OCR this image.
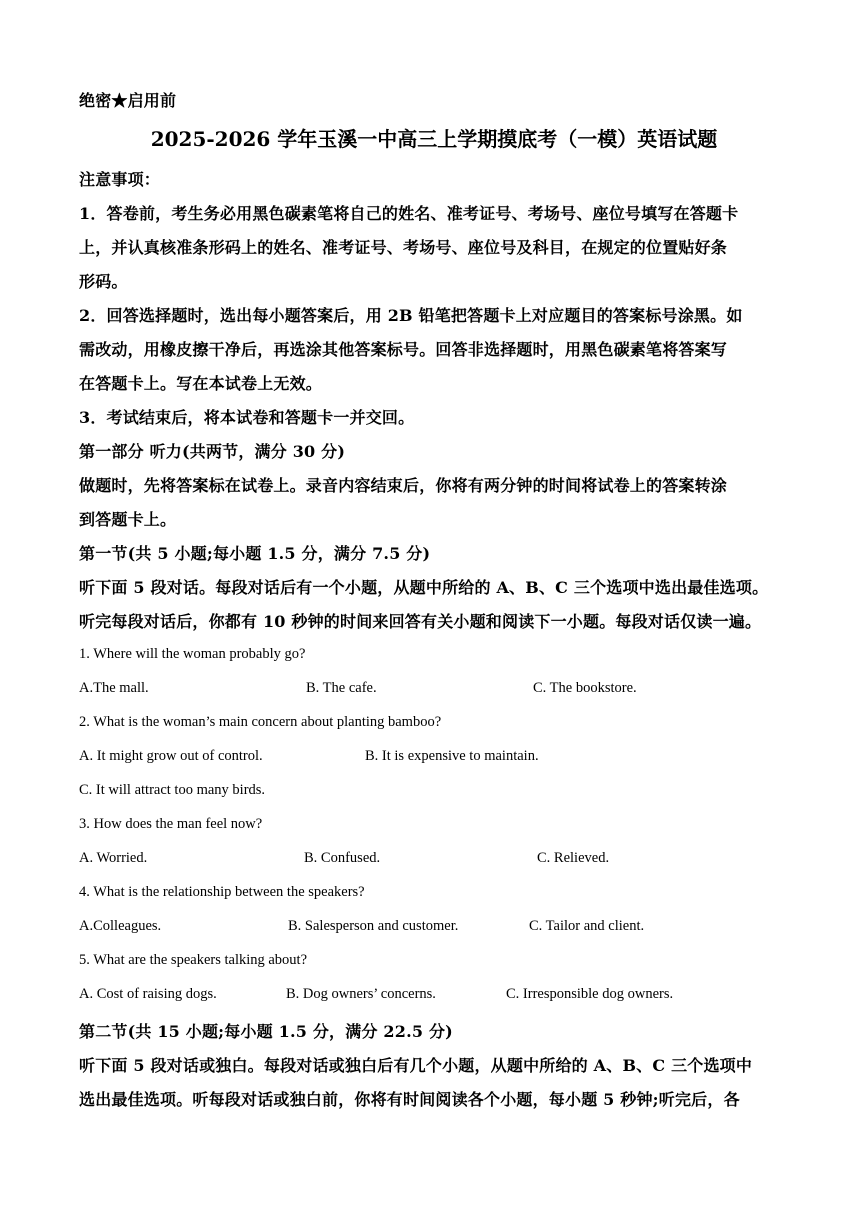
绝密★启用前
2025-2026 学年玉溪一中高三上学期摸底考（一模）英语试题
注意事项：
1．答卷前，考生务必用黑色碳素笔将自己的姓名、准考证号、考场号、座位号填写在答题卡
上，并认真核准条形码上的姓名、准考证号、考场号、座位号及科目，在规定的位置贴好条
形码。
2．回答选择题时，选出每小题答案后，用 2B 铅笔把答题卡上对应题目的答案标号涂黑。如
需改动，用橡皮擦干净后，再选涂其他答案标号。回答非选择题时，用黑色碳素笔将答案写
在答题卡上。写在本试卷上无效。
3．考试结束后，将本试卷和答题卡一并交回。
第一部分 听力(共两节，满分 30 分)
做题时，先将答案标在试卷上。录音内容结束后，你将有两分钟的时间将试卷上的答案转涂
到答题卡上。
第一节(共 5 小题;每小题 1.5 分，满分 7.5 分)
听下面 5 段对话。每段对话后有一个小题，从题中所给的 A、B、C 三个选项中选出最佳选项。
听完每段对话后，你都有 10 秒钟的时间来回答有关小题和阅读下一小题。每段对话仅读一遍。
1. Where will the woman probably go?
A.The mall.	B. The cafe.	C. The bookstore.
2. What is the woman’s main concern about planting bamboo?
A. It might grow out of control.	B. It is expensive to maintain.
C. It will attract too many birds.
3. How does the man feel now?
A. Worried.	B. Confused.	C. Relieved.
4. What is the relationship between the speakers?
A.Colleagues.	B. Salesperson and customer.	C. Tailor and client.
5. What are the speakers talking about?
A. Cost of raising dogs.	B. Dog owners’ concerns.	C. Irresponsible dog owners.
第二节(共 15 小题;每小题 1.5 分，满分 22.5 分)
听下面 5 段对话或独白。每段对话或独白后有几个小题，从题中所给的 A、B、C 三个选项中
选出最佳选项。听每段对话或独白前，你将有时间阅读各个小题，每小题 5 秒钟;听完后，各
